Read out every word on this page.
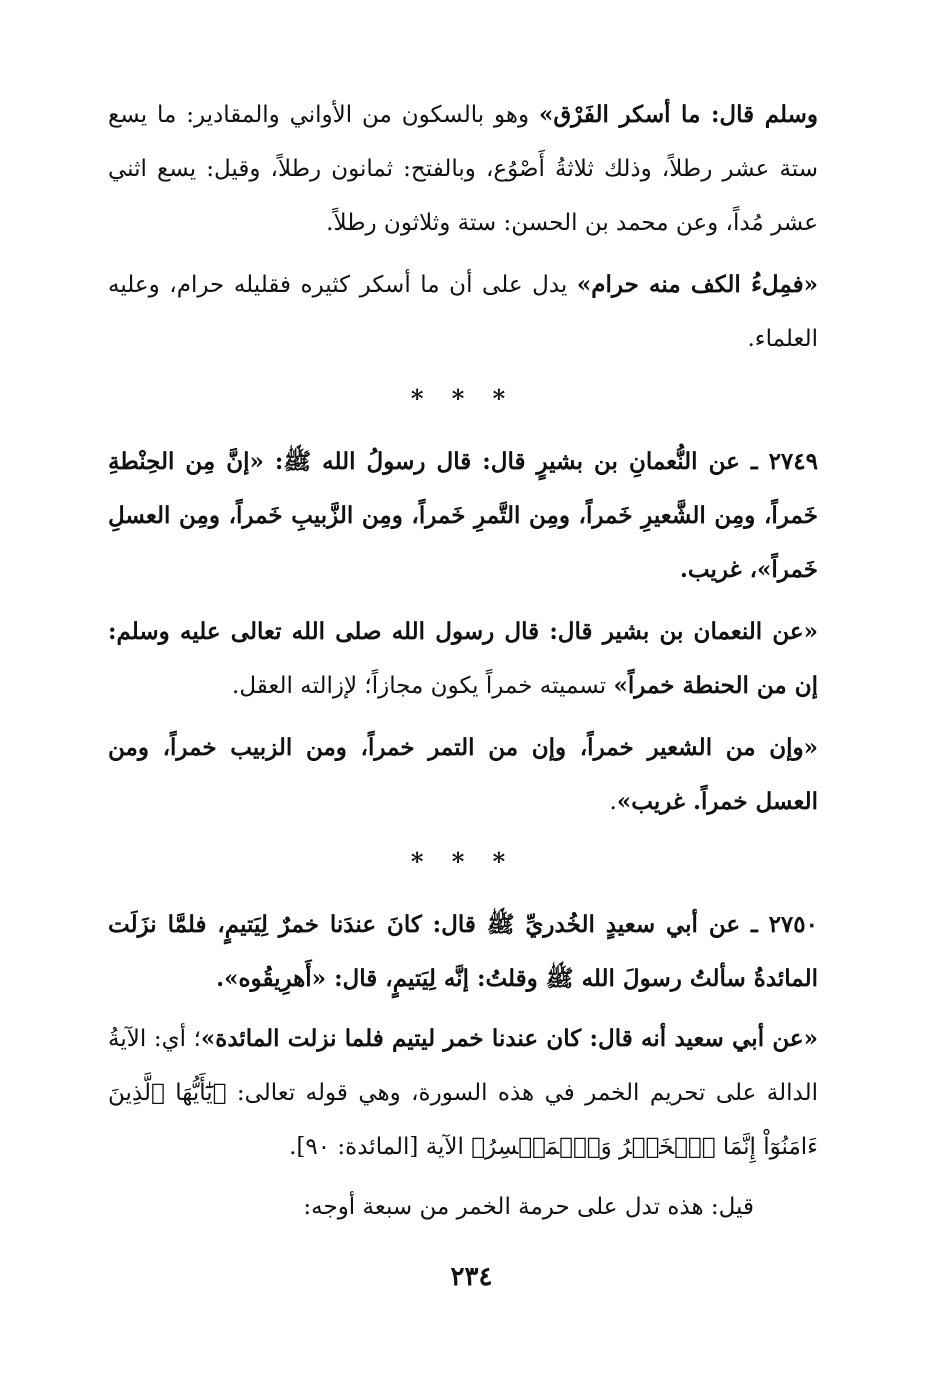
وسلم قال: ما أسكر الفَرْق» وهو بالسكون من الأواني والمقادير: ما يسع ستة عشر رطلاً، وذلك ثلاثةُ أَصْوُع، وبالفتح: ثمانون رطلاً، وقيل: يسع اثني عشر مُداً، وعن محمد بن الحسن: ستة وثلاثون رطلاً.

«فمِلءُ الكف منه حرام» يدل على أن ما أسكر كثيره فقليله حرام، وعليه العلماء.

* * *

٢٧٤٩ ـ عن النُّعمانِ بن بشيرٍ قال: قال رسولُ الله ﷺ: «إنَّ مِن الحِنْطةِ خَمراً، ومِن الشَّعيرِ خَمراً، ومِن التَّمرِ خَمراً، ومِن الزَّبيبِ خَمراً، ومِن العسلِ خَمراً»، غريب.

«عن النعمان بن بشير قال: قال رسول الله صلى الله تعالى عليه وسلم: إن من الحنطة خمراً» تسميته خمراً يكون مجازاً؛ لإزالته العقل.

«وإن من الشعير خمراً، وإن من التمر خمراً، ومن الزبيب خمراً، ومن العسل خمراً. غريب».

* * *

٢٧٥٠ ـ عن أبي سعيدٍ الخُدريِّ ﷺ قال: كانَ عندَنا خمرٌ لِيَتيمٍ، فلمَّا نزَلَت المائدةُ سألتُ رسولَ الله ﷺ وقلتُ: إنَّه لِيَتيمٍ، قال: «أَهرِيقُوه».

«عن أبي سعيد أنه قال: كان عندنا خمر ليتيم فلما نزلت المائدة»؛ أي: الآيةُ الدالة على تحريم الخمر في هذه السورة، وهي قوله تعالى: ﴿يَٰٓأَيُّهَا ٱلَّذِينَ ءَامَنُوٓاْ إِنَّمَا ٱلۡخَمۡرُ وَٱلۡمَيۡسِرُ﴾ الآية [المائدة: ٩٠].

قيل: هذه تدل على حرمة الخمر من سبعة أوجه:

٢٣٤
